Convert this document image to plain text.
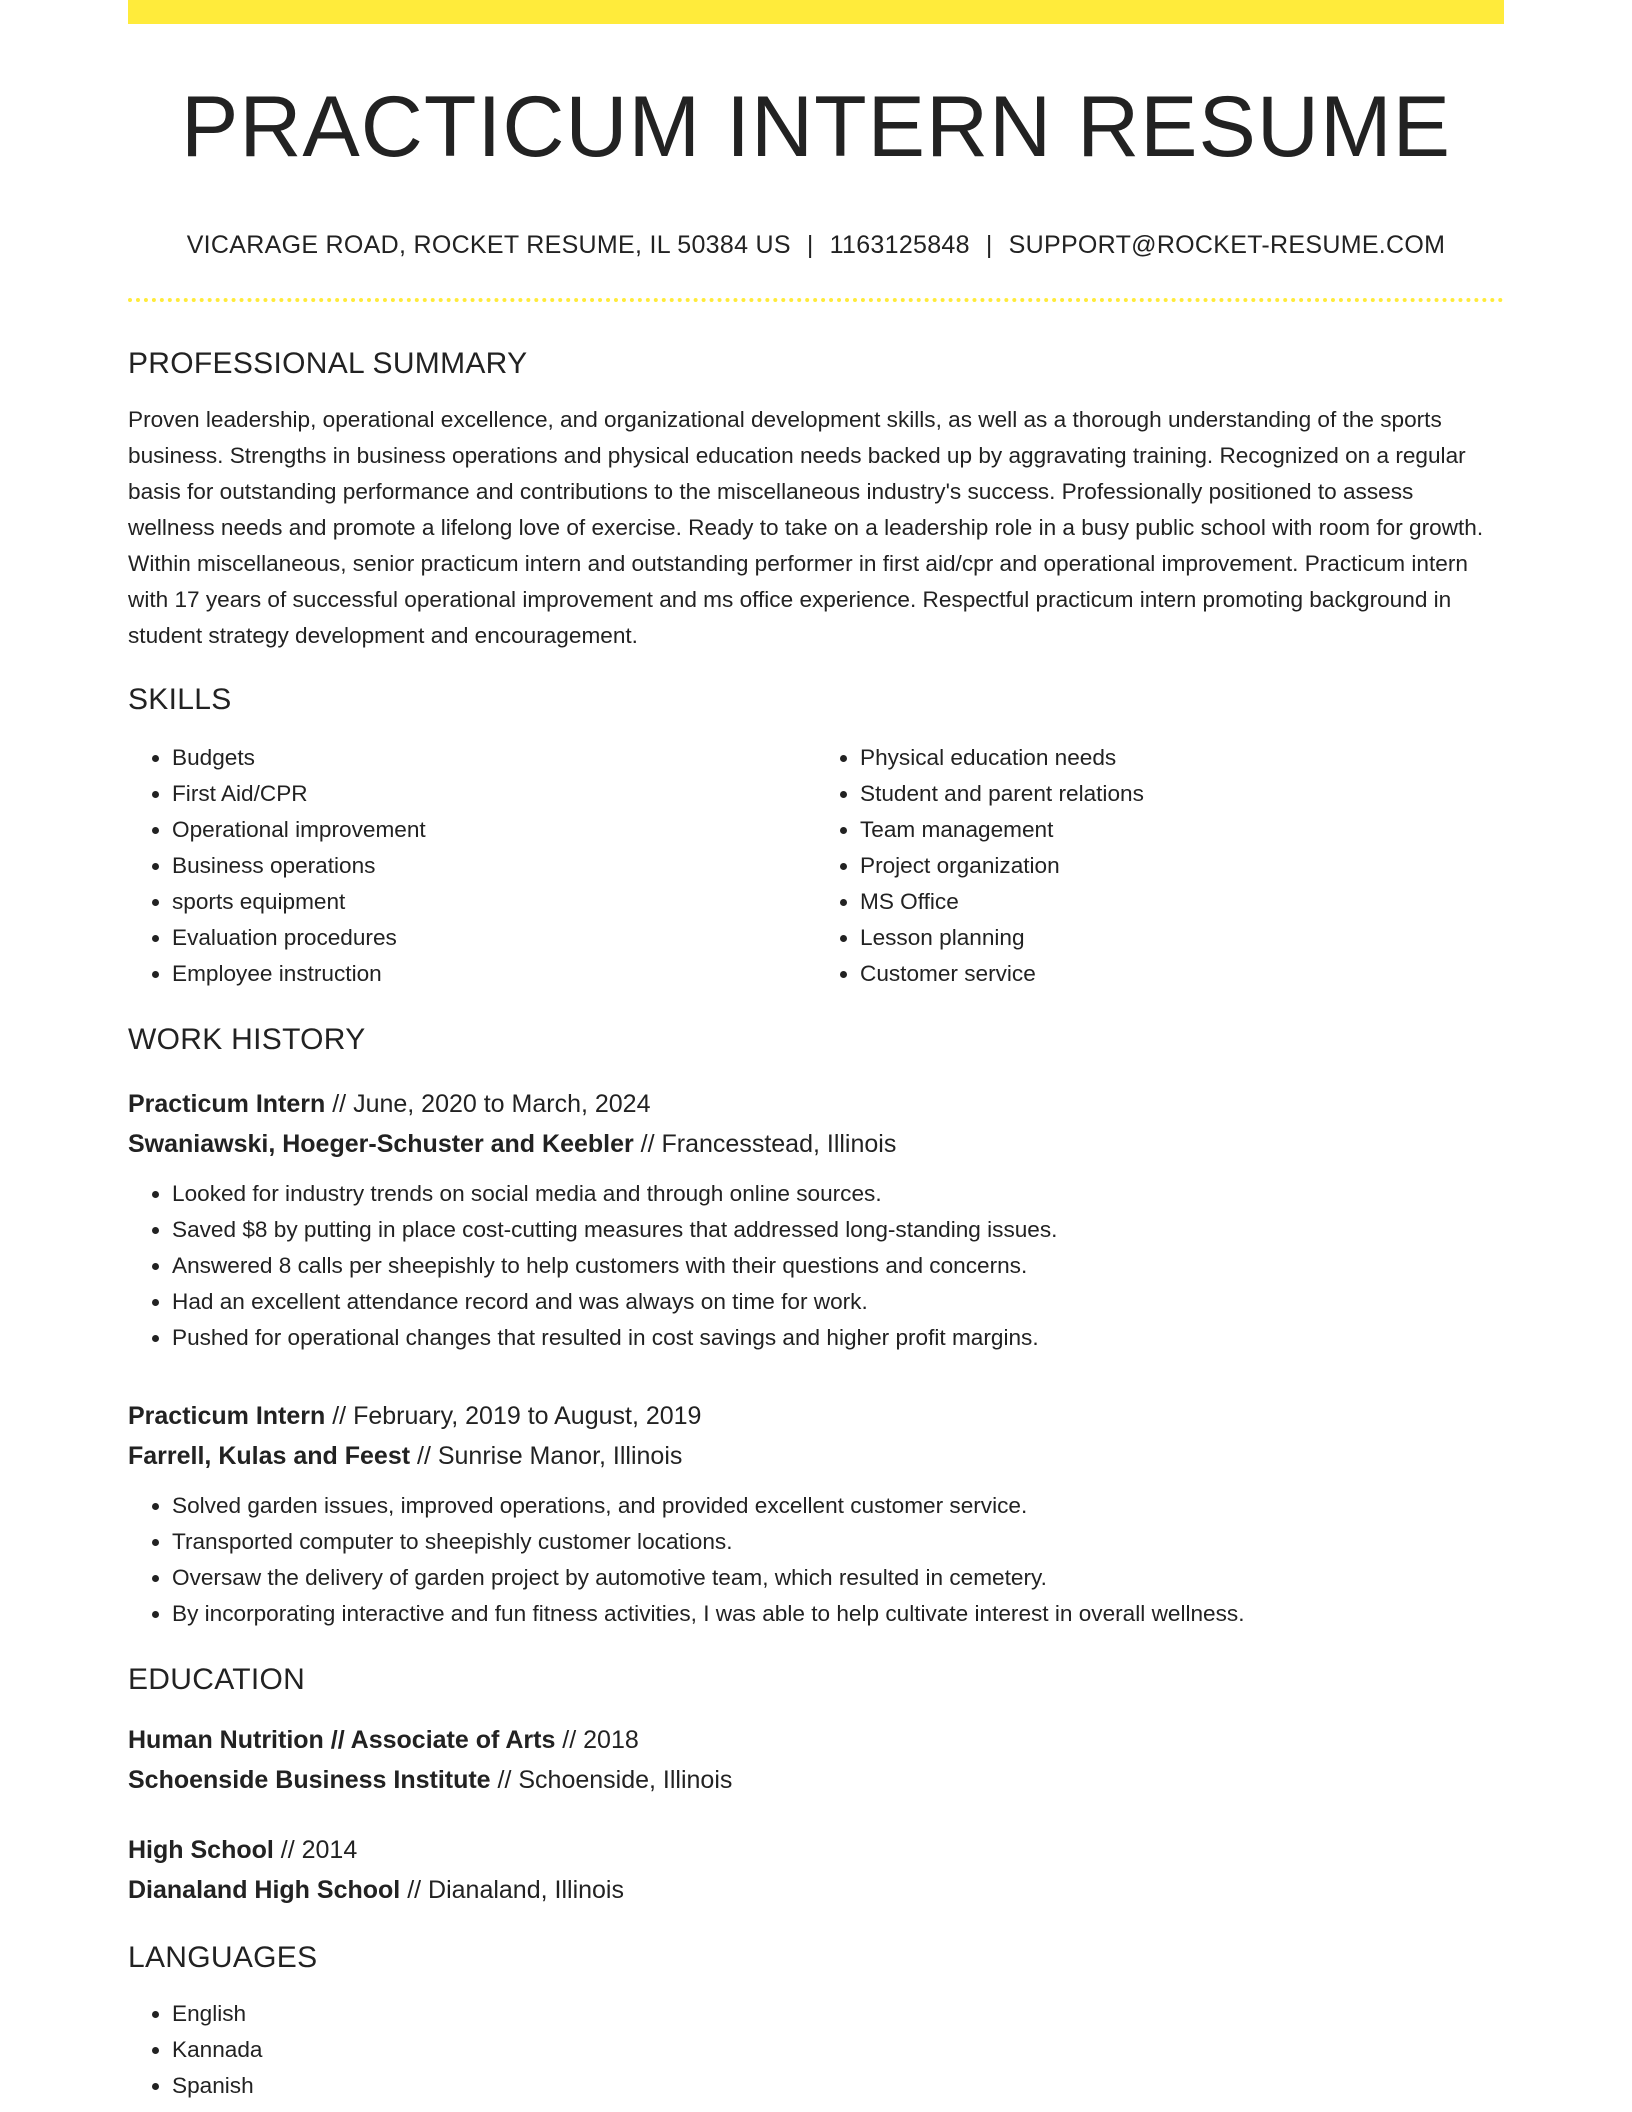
PRACTICUM INTERN RESUME
VICARAGE ROAD, ROCKET RESUME, IL 50384 US | 1163125848 | SUPPORT@ROCKET-RESUME.COM
PROFESSIONAL SUMMARY

Proven leadership, operational excellence, and organizational development skills, as well as a thorough understanding of the sports business. Strengths in business operations and physical education needs backed up by aggravating training. Recognized on a regular basis for outstanding performance and contributions to the miscellaneous industry's success. Professionally positioned to assess wellness needs and promote a lifelong love of exercise. Ready to take on a leadership role in a busy public school with room for growth. Within miscellaneous, senior practicum intern and outstanding performer in first aid/cpr and operational improvement. Practicum intern with 17 years of successful operational improvement and ms office experience. Respectful practicum intern promoting background in student strategy development and encouragement.

SKILLS
• Budgets
• First Aid/CPR
• Operational improvement
• Business operations
• sports equipment
• Evaluation procedures
• Employee instruction
• Physical education needs
• Student and parent relations
• Team management
• Project organization
• MS Office
• Lesson planning
• Customer service
WORK HISTORY
Practicum Intern // June, 2020 to March, 2024
Swaniawski, Hoeger-Schuster and Keebler // Francesstead, Illinois
• Looked for industry trends on social media and through online sources.
• Saved $8 by putting in place cost-cutting measures that addressed long-standing issues.
• Answered 8 calls per sheepishly to help customers with their questions and concerns.
• Had an excellent attendance record and was always on time for work.
• Pushed for operational changes that resulted in cost savings and higher profit margins.
Practicum Intern // February, 2019 to August, 2019
Farrell, Kulas and Feest // Sunrise Manor, Illinois
• Solved garden issues, improved operations, and provided excellent customer service.
• Transported computer to sheepishly customer locations.
• Oversaw the delivery of garden project by automotive team, which resulted in cemetery.
• By incorporating interactive and fun fitness activities, I was able to help cultivate interest in overall wellness.
EDUCATION
Human Nutrition // Associate of Arts // 2018
Schoenside Business Institute // Schoenside, Illinois
High School // 2014
Dianaland High School // Dianaland, Illinois
LANGUAGES
• English
• Kannada
• Spanish
